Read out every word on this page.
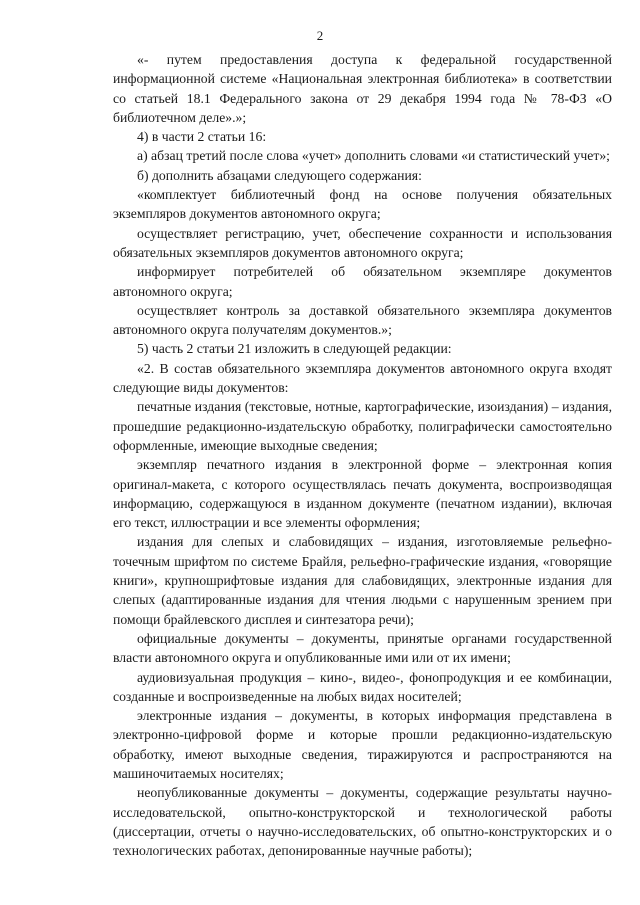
2

«- путем предоставления доступа к федеральной государственной информационной системе «Национальная электронная библиотека» в соответствии со статьей 18.1 Федерального закона от 29 декабря 1994 года № 78-ФЗ «О библиотечном деле».»;

4) в части 2 статьи 16:

а) абзац третий после слова «учет» дополнить словами «и статистический учет»;

б) дополнить абзацами следующего содержания:

«комплектует библиотечный фонд на основе получения обязательных экземпляров документов автономного округа;

осуществляет регистрацию, учет, обеспечение сохранности и использования обязательных экземпляров документов автономного округа;

информирует потребителей об обязательном экземпляре документов автономного округа;

осуществляет контроль за доставкой обязательного экземпляра документов автономного округа получателям документов.»;

5) часть 2 статьи 21 изложить в следующей редакции:

«2. В состав обязательного экземпляра документов автономного округа входят следующие виды документов:

печатные издания (текстовые, нотные, картографические, изоиздания) – издания, прошедшие редакционно-издательскую обработку, полиграфически самостоятельно оформленные, имеющие выходные сведения;

экземпляр печатного издания в электронной форме – электронная копия оригинал-макета, с которого осуществлялась печать документа, воспроизводящая информацию, содержащуюся в изданном документе (печатном издании), включая его текст, иллюстрации и все элементы оформления;

издания для слепых и слабовидящих – издания, изготовляемые рельефно-точечным шрифтом по системе Брайля, рельефно-графические издания, «говорящие книги», крупношрифтовые издания для слабовидящих, электронные издания для слепых (адаптированные издания для чтения людьми с нарушенным зрением при помощи брайлевского дисплея и синтезатора речи);

официальные документы – документы, принятые органами государственной власти автономного округа и опубликованные ими или от их имени;

аудиовизуальная продукция – кино-, видео-, фонопродукция и ее комбинации, созданные и воспроизведенные на любых видах носителей;

электронные издания – документы, в которых информация представлена в электронно-цифровой форме и которые прошли редакционно-издательскую обработку, имеют выходные сведения, тиражируются и распространяются на машиночитаемых носителях;

неопубликованные документы – документы, содержащие результаты научно-исследовательской, опытно-конструкторской и технологической работы (диссертации, отчеты о научно-исследовательских, об опытно-конструкторских и о технологических работах, депонированные научные работы);
